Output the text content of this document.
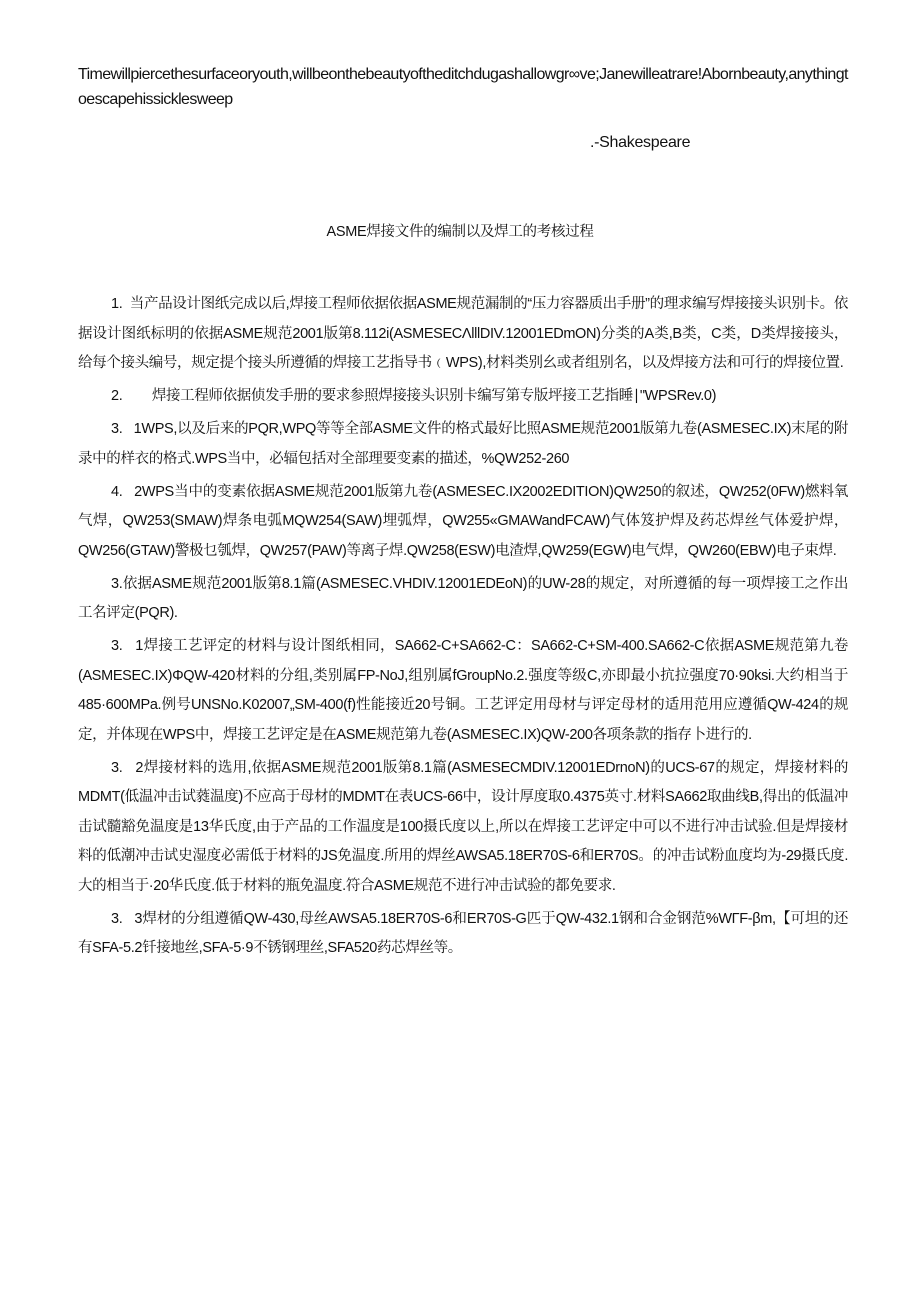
Timewillpiercethesurfaceoryouth,willbeonthebeautyoftheditchdugashallowgr∞ve;Janewilleatrare!Abornbeauty,anythingtoescapehissicklesweep

.-Shakespeare

ASME焊接文件的编制以及焊工的考核过程

1.  当产品设计图纸完成以后,焊接工程师依据依据ASME规范漏制的“压力容器质出手册”的理求编写焊接接头识别卡。依据设计图纸标明的依据ASME规范2001版第8.112i(ASMESECΛlllDIV.12001EDmON)分类的A类,B类，C类，D类焊接接头，给每个接头编号，规定提个接头所遵循的焊接工艺指导书﹙WPS),材料类别幺或者组别名，以及焊接方法和可行的焊接位置.

2.        焊接工程师依据侦发手册的要求参照焊接接头识别卡编写第专版坪接工艺指睡∣"WPSRev.0)

3.   1WPS,以及后来的PQR,WPQ等等全部ASME文件的格式最好比照ASME规范2001版第九卷(ASMESEC.IX)末尾的附录中的样衣的格式.WPS当中，必辐包括对全部理要变素的描述，%QW252-260

4.   2WPS当中的变素依据ASME规范2001版第九卷(ASMESEC.IX2002EDITION)QW250的叙述，QW252(0FW)燃料氧气焊，QW253(SMAW)焊条电弧MQW254(SAW)埋弧焊，QW255«GMAWandFCAW)气体笈护焊及药芯焊丝气体爱护焊，QW256(GTAW)警极乜瓠焊，QW257(PAW)等离子焊.QW258(ESW)电渣焊,QW259(EGW)电气焊，QW260(EBW)电子束焊.

3.依据ASME规范2001版第8.1篇(ASMESEC.VHDIV.12001EDEoN)的UW-28的规定，对所遵循的每一项焊接工之作出工名评定(PQR).

3.   1焊接工艺评定的材料与设计图纸相同，SA662-C+SA662-C：SA662-C+SM-400.SA662-C依据ASME规范第九卷(ASMESEC.IX)ΦQW-420材料的分组,类别属FP-NoJ,组别属fGroupNo.2.强度等级C,亦即最小抗拉强度70·90ksi.大约相当于485·600MPa.例号UNSNo.K02007„SM-400(f)性能接近20号铜。工艺评定用母材与评定母材的适用范用应遵循QW-424的规定，并体现在WPS中，焊接工艺评定是在ASME规范第九卷(ASMESEC.IX)QW-200各项条款的指存卜进行的.

3.   2焊接材料的选用,依据ASME规范2001版第8.1篇(ASMESECMDIV.12001EDrnoN)的UCS-67的规定，焊接材料的MDMT(低温冲击试蕤温度)不应高于母材的MDMT在表UCS-66中，设计厚度取0.4375英寸.材料SA662取曲线B,得出的低温冲击试髓豁免温度是13华氏度,由于产品的工作温度是100摄氏度以上,所以在焊接工艺评定中可以不进行冲击试验.但是焊接材料的低潮冲击试史湿度必需低于材料的JS免温度.所用的焊丝AWSA5.18ER70S-6和ER70S。的冲击试粉血度均为-29摄氏度.大的相当于·20华氏度.低于材料的瓶免温度.符合ASME规范不进行冲击试验的都免要求.

3.   3焊材的分组遵循QW-430,母丝AWSA5.18ER70S-6和ER70S-G匹于QW-432.1钢和合金钢范%WΓF-βm,【可坦的还有SFA-5.2钎接地丝,SFA-5·9不锈钢理丝,SFA520药芯焊丝等。
